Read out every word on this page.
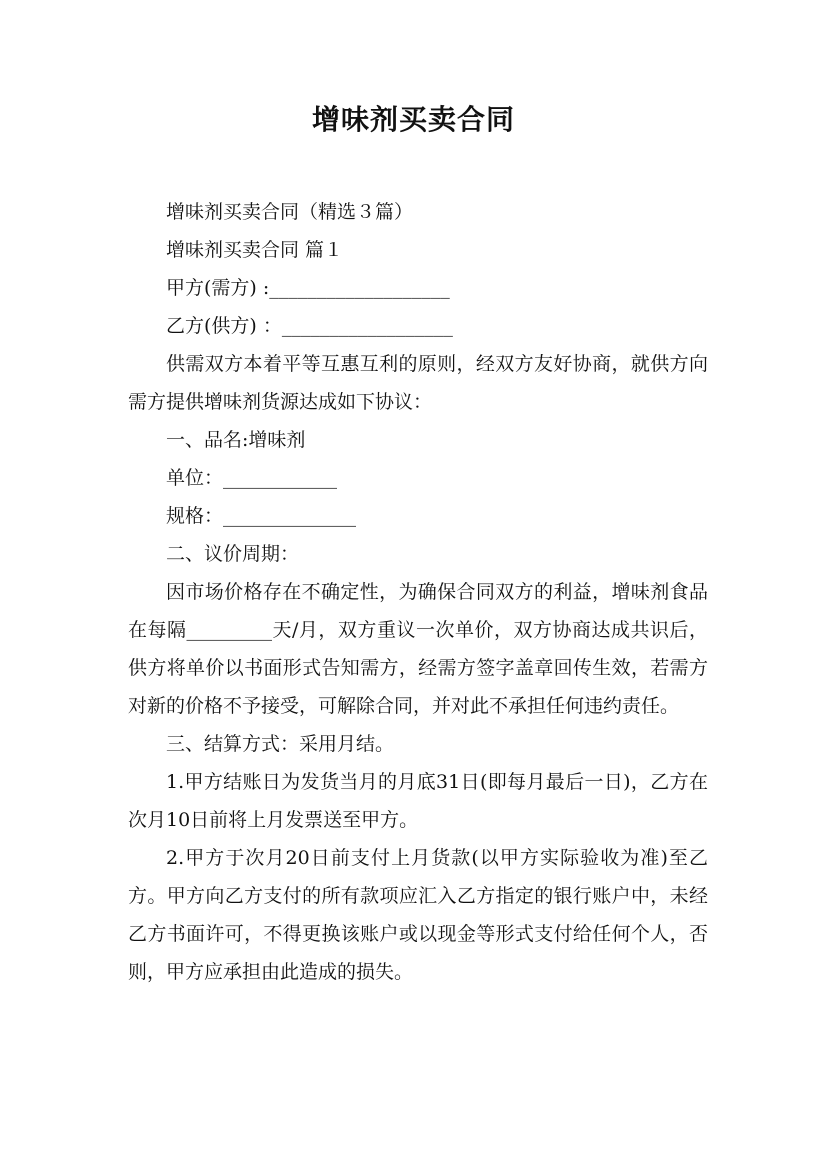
增味剂买卖合同

增味剂买卖合同（精选３篇）

增味剂买卖合同 篇１

甲方(需方) :___________________

乙方(供方) ：__________________

供需双方本着平等互惠互利的原则，经双方友好协商，就供方向需方提供增味剂货源达成如下协议：

一、品名:增味剂

单位：____________

规格：______________

二、议价周期：

因市场价格存在不确定性，为确保合同双方的利益，增味剂食品在每隔_________天/月，双方重议一次单价，双方协商达成共识后，供方将单价以书面形式告知需方，经需方签字盖章回传生效，若需方对新的价格不予接受，可解除合同，并对此不承担任何违约责任。

三、结算方式：采用月结。

1.甲方结账日为发货当月的月底31日(即每月最后一日)，乙方在次月10日前将上月发票送至甲方。

2.甲方于次月20日前支付上月货款(以甲方实际验收为准)至乙方。甲方向乙方支付的所有款项应汇入乙方指定的银行账户中，未经乙方书面许可，不得更换该账户或以现金等形式支付给任何个人，否则，甲方应承担由此造成的损失。
